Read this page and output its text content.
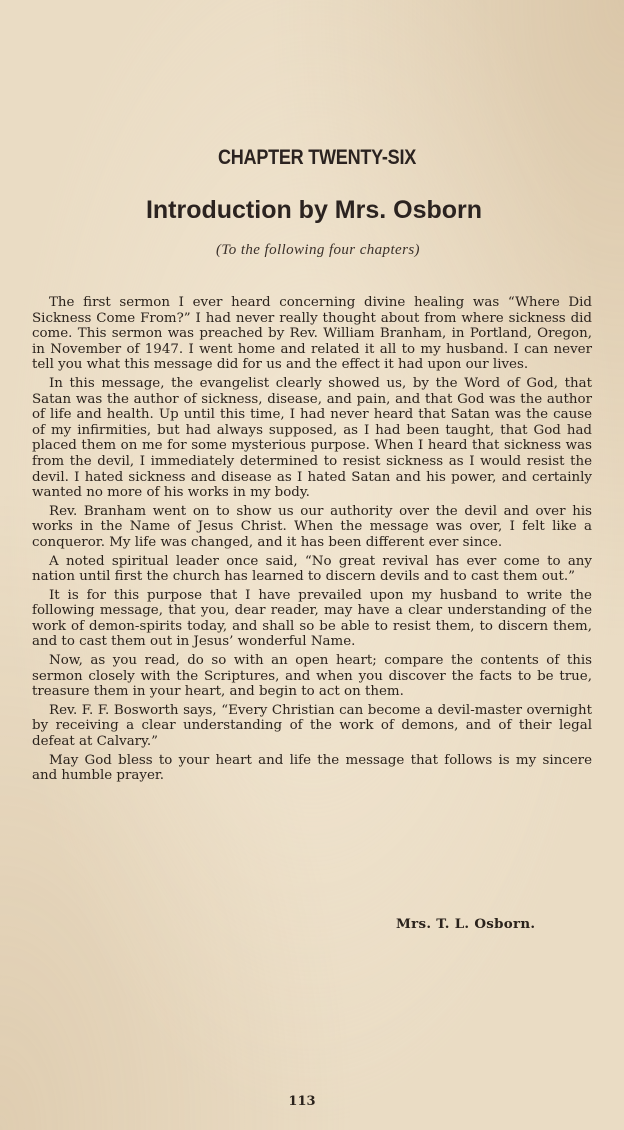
CHAPTER TWENTY-SIX
Introduction by Mrs. Osborn
(To the following four chapters)

The first sermon I ever heard concerning divine healing was “Where Did Sickness Come From?” I had never really thought about from where sickness did come. This sermon was preached by Rev. William Branham, in Portland, Oregon, in November of 1947. I went home and related it all to my husband. I can never tell you what this message did for us and the effect it had upon our lives.

In this message, the evangelist clearly showed us, by the Word of God, that Satan was the author of sickness, disease, and pain, and that God was the author of life and health. Up until this time, I had never heard that Satan was the cause of my infirmities, but had always supposed, as I had been taught, that God had placed them on me for some mysterious purpose. When I heard that sickness was from the devil, I immediately determined to resist sickness as I would resist the devil. I hated sickness and disease as I hated Satan and his power, and certainly wanted no more of his works in my body.

Rev. Branham went on to show us our authority over the devil and over his works in the Name of Jesus Christ. When the message was over, I felt like a conqueror. My life was changed, and it has been different ever since.

A noted spiritual leader once said, “No great revival has ever come to any nation until first the church has learned to discern devils and to cast them out.”

It is for this purpose that I have prevailed upon my husband to write the following message, that you, dear reader, may have a clear understanding of the work of demon-spirits today, and shall so be able to resist them, to discern them, and to cast them out in Jesus’ wonderful Name.

Now, as you read, do so with an open heart; compare the contents of this sermon closely with the Scriptures, and when you discover the facts to be true, treasure them in your heart, and begin to act on them.

Rev. F. F. Bosworth says, “Every Christian can become a devil-master overnight by receiving a clear understanding of the work of demons, and of their legal defeat at Calvary.”

May God bless to your heart and life the message that follows is my sincere and humble prayer.

Mrs. T. L. Osborn.
113
